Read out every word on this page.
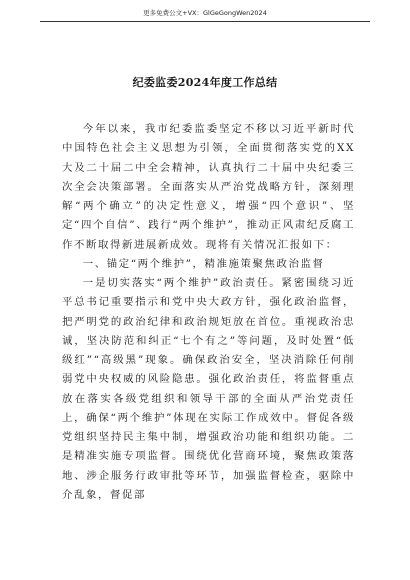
更多免费公文+VX：GlGeGongWen2024
纪委监委2024年度工作总结

今年以来，我市纪委监委坚定不移以习近平新时代中国特色社会主义思想为引领，全面贯彻落实党的XX大及二十届二中全会精神，认真执行二十届中央纪委三次全会决策部署。全面落实从严治党战略方针，深刻理解“两个确立”的决定性意义，增强“四个意识”、坚定“四个自信”、践行“两个维护”，推动正风肃纪反腐工作不断取得新进展新成效。现将有关情况汇报如下：

一、锚定“两个维护”，精准施策聚焦政治监督

一是切实落实“两个维护”政治责任。紧密围绕习近平总书记重要指示和党中央大政方针，强化政治监督，把严明党的政治纪律和政治规矩放在首位。重视政治忠诚，坚决防范和纠正“七个有之”等问题，及时处置“低级红”“高级黑”现象。确保政治安全，坚决消除任何削弱党中央权威的风险隐患。强化政治责任，将监督重点放在落实各级党组织和领导干部的全面从严治党责任上，确保“两个维护”体现在实际工作成效中。督促各级党组织坚持民主集中制，增强政治功能和组织功能。二是精准实施专项监督。围绕优化营商环境，聚焦政策落地、涉企服务行政审批等环节，加强监督检查，驱除中介乱象，督促部
